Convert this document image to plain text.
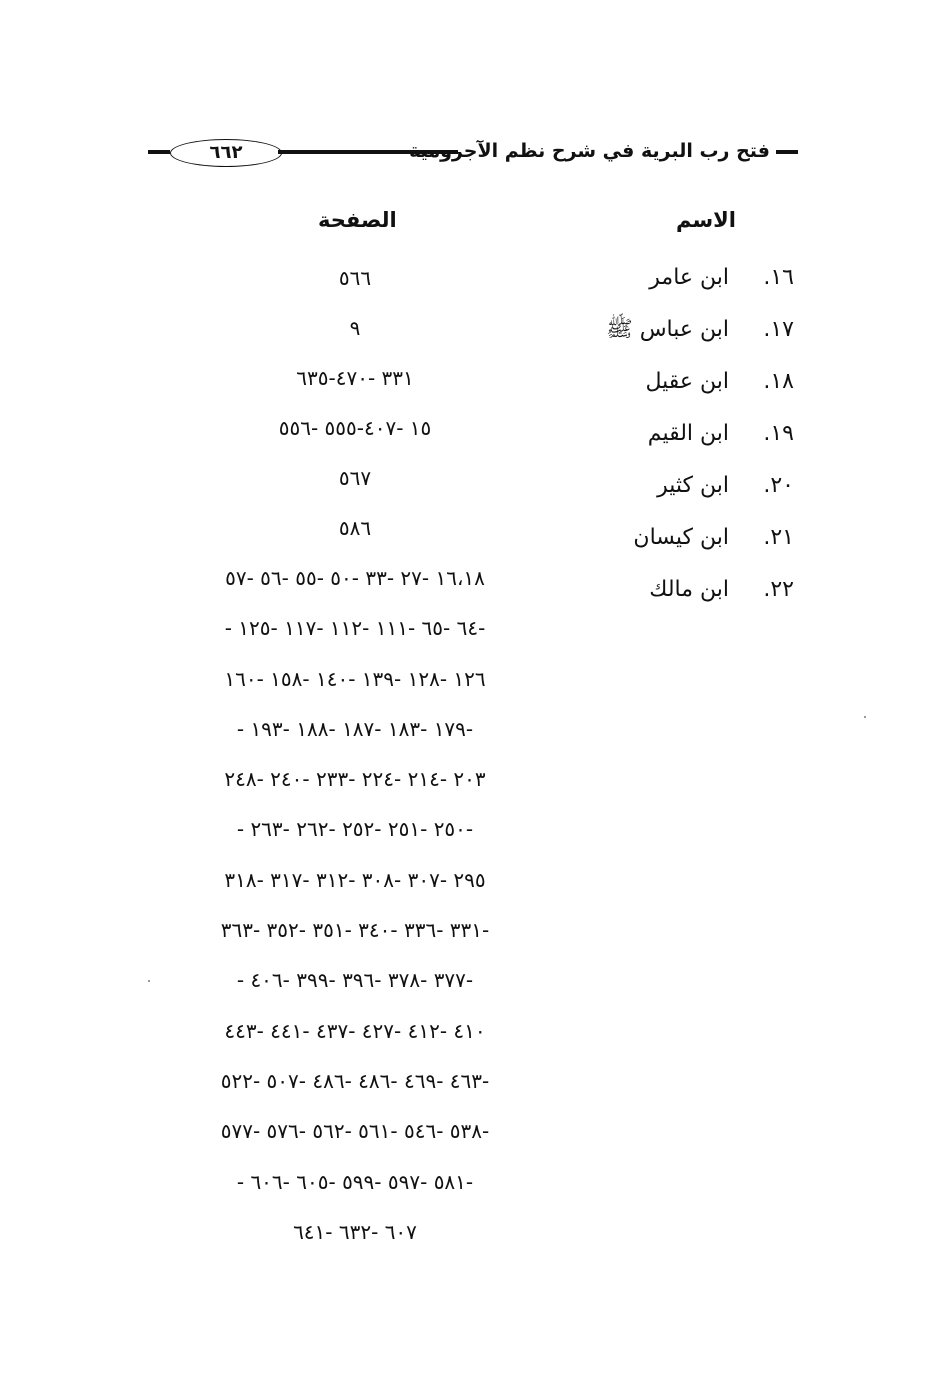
٦٦٢	فتح رب البرية في شرح نظم الآجرومية
الاسم
الصفحة
١٦. ابن عامر
١٧. ابن عباس ﷺ
١٨. ابن عقيل
١٩. ابن القيم
٢٠. ابن كثير
٢١. ابن كيسان
٢٢. ابن مالك
٥٦٦
٩
٣٣١ -٤٧٠-٦٣٥
١٥ -٤٠٧-٥٥٥ -٥٥٦
٥٦٧
٥٨٦
١٦،١٨ -٢٧ -٣٣ -٥٠ -٥٥ -٥٦ -٥٧
-٦٤ -٦٥ -١١١ -١١٢ -١١٧ -١٢٥ -
١٢٦ -١٢٨ -١٣٩ -١٤٠ -١٥٨ -١٦٠
-١٧٩ -١٨٣ -١٨٧ -١٨٨ -١٩٣ -
٢٠٣ -٢١٤ -٢٢٤ -٢٣٣ -٢٤٠ -٢٤٨
-٢٥٠ -٢٥١ -٢٥٢ -٢٦٢ -٢٦٣ -
٢٩٥ -٣٠٧ -٣٠٨ -٣١٢ -٣١٧ -٣١٨
-٣٣١ -٣٣٦ -٣٤٠ -٣٥١ -٣٥٢ -٣٦٣
-٣٧٧ -٣٧٨ -٣٩٦ -٣٩٩ -٤٠٦ -
٤١٠ -٤١٢ -٤٢٧ -٤٣٧ -٤٤١ -٤٤٣
-٤٦٣ -٤٦٩ -٤٨٦ -٤٨٦ -٥٠٧ -٥٢٢
-٥٣٨ -٥٤٦ -٥٦١ -٥٦٢ -٥٧٦ -٥٧٧
-٥٨١ -٥٩٧ -٥٩٩ -٦٠٥ -٦٠٦ -
٦٠٧ -٦٣٢ -٦٤١
